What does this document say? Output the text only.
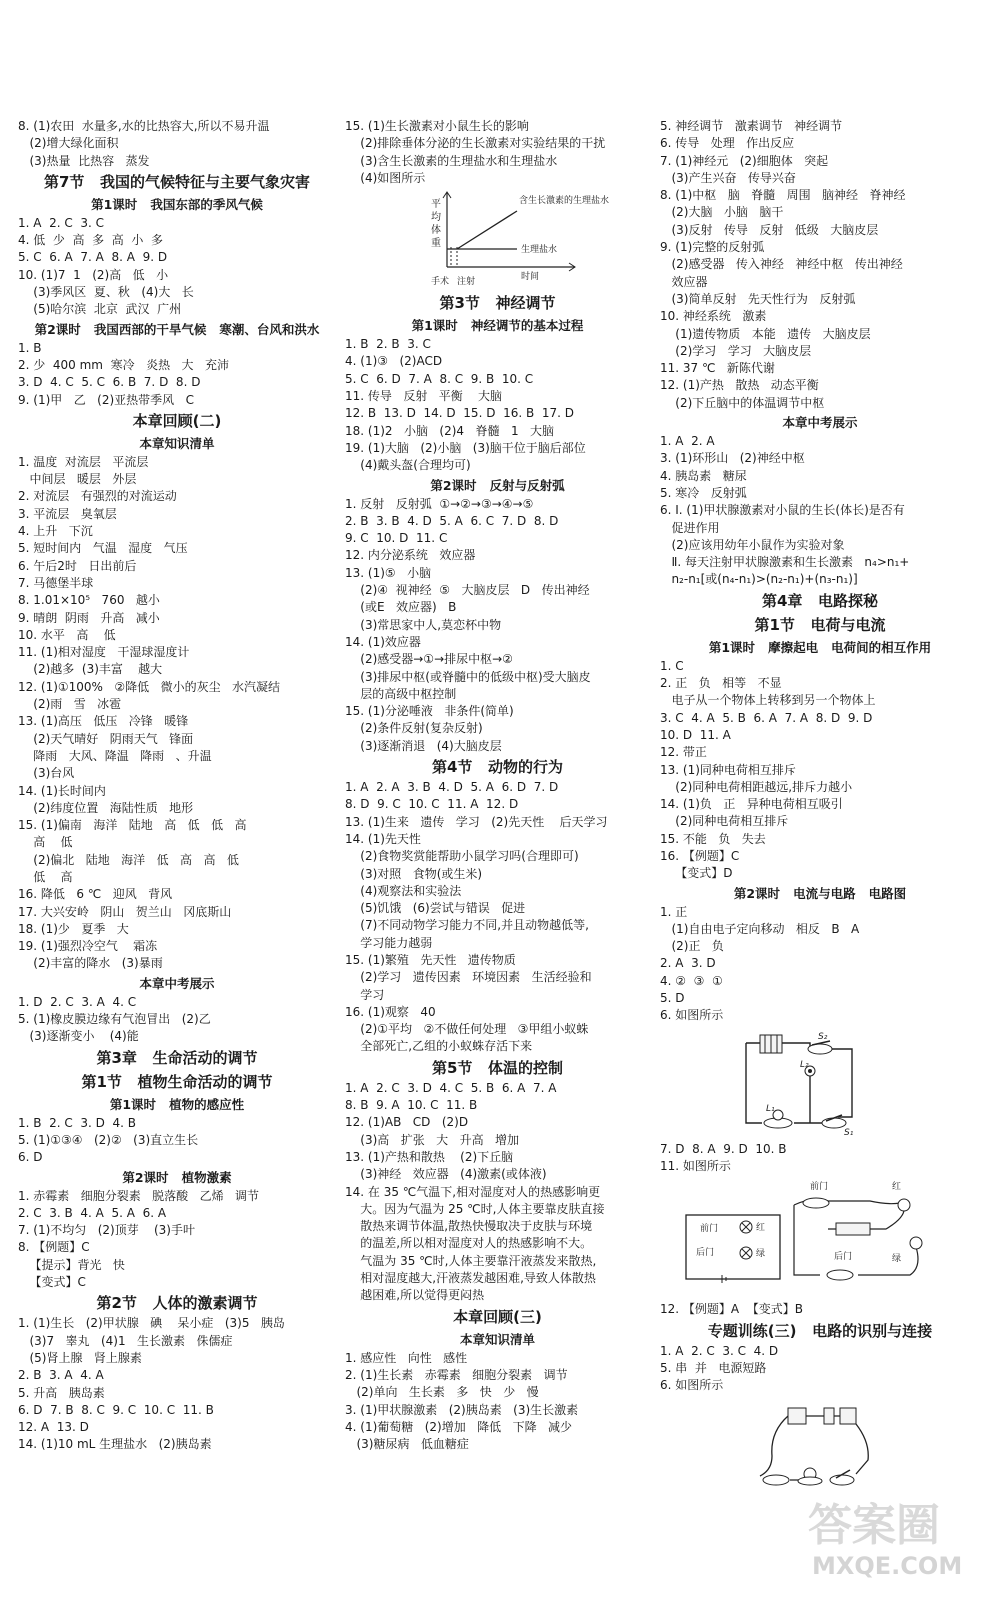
8. (1)农田  水量多,水的比热容大,所以不易升温
(2)增大绿化面积
(3)热量  比热容   蒸发
第7节   我国的气候特征与主要气象灾害
第1课时   我国东部的季风气候
1. A  2. C  3. C
4. 低  少  高  多  高  小  多
5. C  6. A  7. A  8. A  9. D
10. (1)7  1   (2)高   低   小
(3)季风区  夏、秋   (4)大   长
(5)哈尔滨  北京  武汉  广州
第2课时   我国西部的干旱气候   寒潮、台风和洪水
1. B
2. 少  400 mm  寒冷   炎热   大   充沛
3. D  4. C  5. C  6. B  7. D  8. D
9. (1)甲   乙   (2)亚热带季风   C
本章回顾(二)
本章知识清单
1. 温度  对流层   平流层
中间层   暖层   外层
2. 对流层   有强烈的对流运动
3. 平流层   臭氧层
4. 上升   下沉
5. 短时间内   气温   湿度   气压
6. 午后2时   日出前后
7. 马德堡半球
8. 1.01×10⁵   760   越小
9. 晴朗  阴雨   升高   减小
10. 水平   高    低
11. (1)相对湿度   干湿球湿度计
(2)越多  (3)丰富    越大
12. (1)①100%   ②降低   微小的灰尘   水汽凝结
(2)雨   雪   冰雹
13. (1)高压   低压   冷锋   暖锋
(2)天气晴好   阴雨天气   锋面
降雨   大风、降温   降雨   、升温
(3)台风
14. (1)长时间内
(2)纬度位置   海陆性质   地形
15. (1)偏南   海洋   陆地   高   低   低   高
高    低
(2)偏北   陆地   海洋   低   高   高   低
低    高
16. 降低   6 ℃   迎风   背风
17. 大兴安岭   阴山   贺兰山   冈底斯山
18. (1)少   夏季   大
19. (1)强烈冷空气    霜冻
(2)丰富的降水   (3)暴雨
本章中考展示
1. D  2. C  3. A  4. C
5. (1)橡皮膜边缘有气泡冒出   (2)乙
(3)逐渐变小    (4)能
第3章   生命活动的调节
第1节   植物生命活动的调节
第1课时   植物的感应性
1. B  2. C  3. D  4. B
5. (1)①③④   (2)②   (3)直立生长
6. D
第2课时   植物激素
1. 赤霉素   细胞分裂素   脱落酸   乙烯   调节
2. C  3. B  4. A  5. A  6. A
7. (1)不均匀   (2)顶芽    (3)手叶
8. 【例题】C
【提示】背光   快
【变式】C
第2节   人体的激素调节
1. (1)生长   (2)甲状腺   碘    呆小症   (3)5   胰岛
(3)7   睾丸   (4)1   生长激素   侏儒症
(5)肾上腺   肾上腺素
2. B  3. A  4. A
5. 升高   胰岛素
6. D  7. B  8. C  9. C  10. C  11. B
12. A  13. D
14. (1)10 mL 生理盐水   (2)胰岛素
15. (1)生长激素对小鼠生长的影响
(2)排除垂体分泌的生长激素对实验结果的干扰
(3)含生长激素的生理盐水和生理盐水
(4)如图所示
平
均
体
重
含生长激素的生理盐水
生理盐水
手术 注射	时间
第3节   神经调节
第1课时   神经调节的基本过程
1. B  2. B  3. C
4. (1)③   (2)ACD
5. C  6. D  7. A  8. C  9. B  10. C
11. 传导   反射   平衡    大脑
12. B  13. D  14. D  15. D  16. B  17. D
18. (1)2   小脑   (2)4   脊髓   1   大脑
19. (1)大脑   (2)小脑   (3)脑干位于脑后部位
(4)戴头盔(合理均可)
第2课时   反射与反射弧
1. 反射   反射弧  ①→②→③→④→⑤
2. B  3. B  4. D  5. A  6. C  7. D  8. D
9. C  10. D  11. C
12. 内分泌系统   效应器
13. (1)⑤   小脑
(2)④  视神经  ⑤   大脑皮层   D   传出神经
(或E   效应器)   B
(3)常思家中人,莫恋杯中物
14. (1)效应器
(2)感受器→①→排尿中枢→②
(3)排尿中枢(或脊髓中的低级中枢)受大脑皮
层的高级中枢控制
15. (1)分泌唾液   非条件(简单)
(2)条件反射(复杂反射)
(3)逐渐消退   (4)大脑皮层
第4节   动物的行为
1. A  2. A  3. B  4. D  5. A  6. D  7. D
8. D  9. C  10. C  11. A  12. D
13. (1)生来   遗传   学习   (2)先天性    后天学习
14. (1)先天性
(2)食物奖赏能帮助小鼠学习吗(合理即可)
(3)对照   食物(或生米)
(4)观察法和实验法
(5)饥饿   (6)尝试与错误   促进
(7)不同动物学习能力不同,并且动物越低等,
学习能力越弱
15. (1)繁殖   先天性   遗传物质
(2)学习   遗传因素   环境因素   生活经验和
学习
16. (1)观察   40
(2)①平均   ②不做任何处理   ③甲组小蚁蛛
全部死亡,乙组的小蚁蛛存活下来
第5节   体温的控制
1. A  2. C  3. D  4. C  5. B  6. A  7. A
8. B  9. A  10. C  11. B
12. (1)AB   CD   (2)D
(3)高   扩张   大   升高   增加
13. (1)产热和散热    (2)下丘脑
(3)神经   效应器   (4)激素(或体液)
14. 在 35 ℃气温下,相对湿度对人的热感影响更
大。因为气温为 25 ℃时,人体主要靠皮肤直接
散热来调节体温,散热快慢取决于皮肤与环境
的温差,所以相对湿度对人的热感影响不大。
气温为 35 ℃时,人体主要靠汗液蒸发来散热,
相对湿度越大,汗液蒸发越困难,导致人体散热
越困难,所以觉得更闷热
本章回顾(三)
本章知识清单
1. 感应性   向性   感性
2. (1)生长素   赤霉素   细胞分裂素   调节
(2)单向   生长素   多   快   少   慢
3. (1)甲状腺激素   (2)胰岛素   (3)生长激素
4. (1)葡萄糖   (2)增加   降低   下降   减少
(3)糖尿病   低血糖症
5. 神经调节   激素调节   神经调节
6. 传导   处理   作出反应
7. (1)神经元   (2)细胞体   突起
(3)产生兴奋   传导兴奋
8. (1)中枢   脑   脊髓   周围   脑神经   脊神经
(2)大脑   小脑   脑干
(3)反射   传导   反射   低级   大脑皮层
9. (1)完整的反射弧
(2)感受器   传入神经   神经中枢   传出神经
效应器
(3)简单反射   先天性行为   反射弧
10. 神经系统   激素
(1)遗传物质   本能   遗传   大脑皮层
(2)学习   学习   大脑皮层
11. 37 ℃   新陈代谢
12. (1)产热   散热   动态平衡
(2)下丘脑中的体温调节中枢
本章中考展示
1. A  2. A
3. (1)环形山   (2)神经中枢
4. 胰岛素   糖尿
5. 寒冷   反射弧
6. Ⅰ. (1)甲状腺激素对小鼠的生长(体长)是否有
促进作用
(2)应该用幼年小鼠作为实验对象
Ⅱ. 每天注射甲状腺激素和生长激素   n₄>n₁+
n₂-n₁[或(n₄-n₁)>(n₂-n₁)+(n₃-n₁)]
第4章   电路探秘
第1节   电荷与电流
第1课时   摩擦起电   电荷间的相互作用
1. C
2. 正   负   相等   不显
电子从一个物体上转移到另一个物体上
3. C  4. A  5. B  6. A  7. A  8. D  9. D
10. D  11. A
12. 带正
13. (1)同种电荷相互排斥
(2)同种电荷相距越远,排斥力越小
14. (1)负   正   异种电荷相互吸引
(2)同种电荷相互排斥
15. 不能   负   失去
16. 【例题】C
【变式】D
第2课时   电流与电路   电路图
1. 正
(1)自由电子定向移动   相反   B   A
(2)正   负
2. A  3. D
4. ②  ③  ①
5. D
6. 如图所示
S₂
L₂
L₁
S₁
7. D  8. A  9. D  10. B
11. 如图所示
前门
后门
红
绿
前门	红
后门	绿
12. 【例题】A  【变式】B
专题训练(三)   电路的识别与连接
1. A  2. C  3. C  4. D
5. 串  并   电源短路
6. 如图所示
答案圈
MXQE.COM
